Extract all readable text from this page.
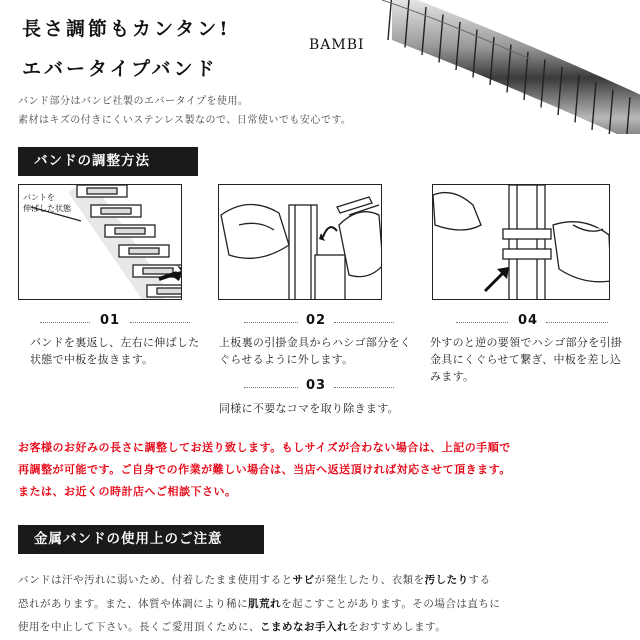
長さ調節もカンタン!
エバータイプバンド
BAMBI
バンド部分はバンビ社製のエバータイプを使用。
素材はキズの付きにくいステンレス製なので、日常使いでも安心です。
バンドの調整方法
バントを
伸ばした状態
01	02
03
04
バンドを裏返し、左右に伸ばした状態で中板を抜きます。
上板裏の引掛金具からハシゴ部分をくぐらせるように外します。
同様に不要なコマを取り除きます。
外すのと逆の要領でハシゴ部分を引掛金具にくぐらせて繋ぎ、中板を差し込みます。
お客様のお好みの長さに調整してお送り致します。もしサイズが合わない場合は、上記の手順で
再調整が可能です。ご自身での作業が難しい場合は、当店へ返送頂ければ対応させて頂きます。
または、お近くの時計店へご相談下さい。
金属バンドの使用上のご注意
バンドは汗や汚れに弱いため、付着したまま使用するとサビが発生したり、衣類を汚したりする
恐れがあります。また、体質や体調により稀に肌荒れを起こすことがあります。その場合は直ちに
使用を中止して下さい。長くご愛用頂くために、こまめなお手入れをおすすめします。
